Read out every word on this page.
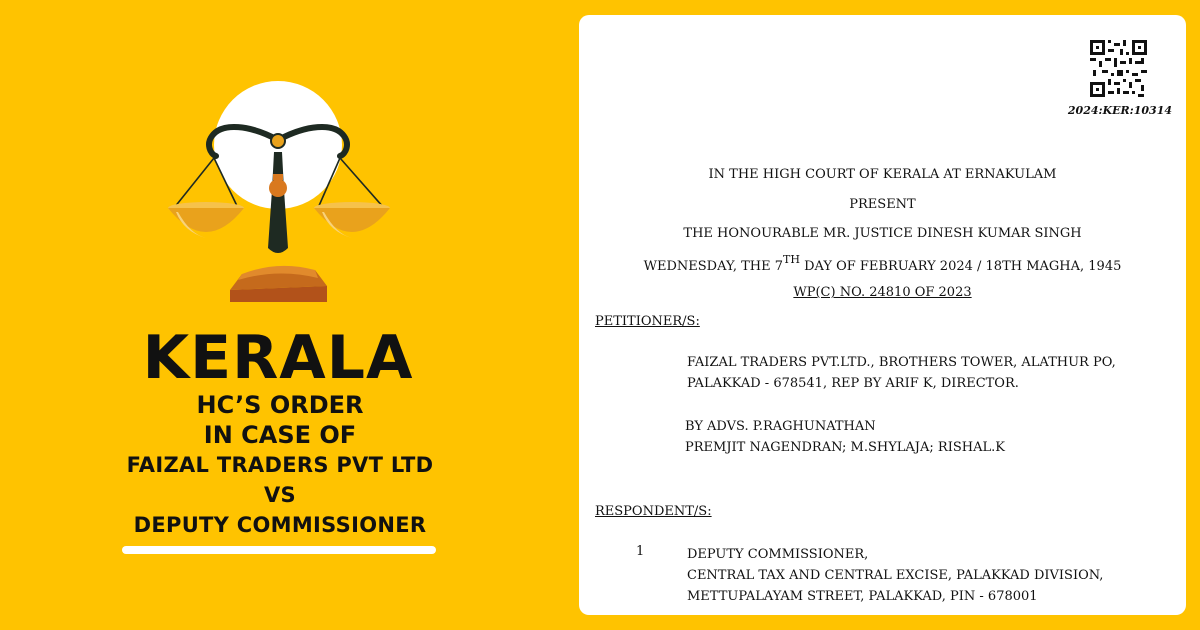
KERALA
HC’S ORDER
IN CASE OF
FAIZAL TRADERS PVT LTD
VS
DEPUTY COMMISSIONER
2024:KER:10314
IN THE HIGH COURT OF KERALA AT ERNAKULAM
PRESENT
THE HONOURABLE MR. JUSTICE DINESH KUMAR SINGH
WEDNESDAY, THE 7TH DAY OF FEBRUARY 2024 / 18TH MAGHA, 1945
WP(C) NO. 24810 OF 2023
PETITIONER/S:
FAIZAL TRADERS PVT.LTD., BROTHERS TOWER, ALATHUR PO,
PALAKKAD - 678541, REP BY ARIF K, DIRECTOR.
BY ADVS. P.RAGHUNATHAN
PREMJIT NAGENDRAN; M.SHYLAJA; RISHAL.K
RESPONDENT/S:
1	DEPUTY COMMISSIONER,
CENTRAL TAX AND CENTRAL EXCISE, PALAKKAD DIVISION,
METTUPALAYAM STREET, PALAKKAD, PIN - 678001
